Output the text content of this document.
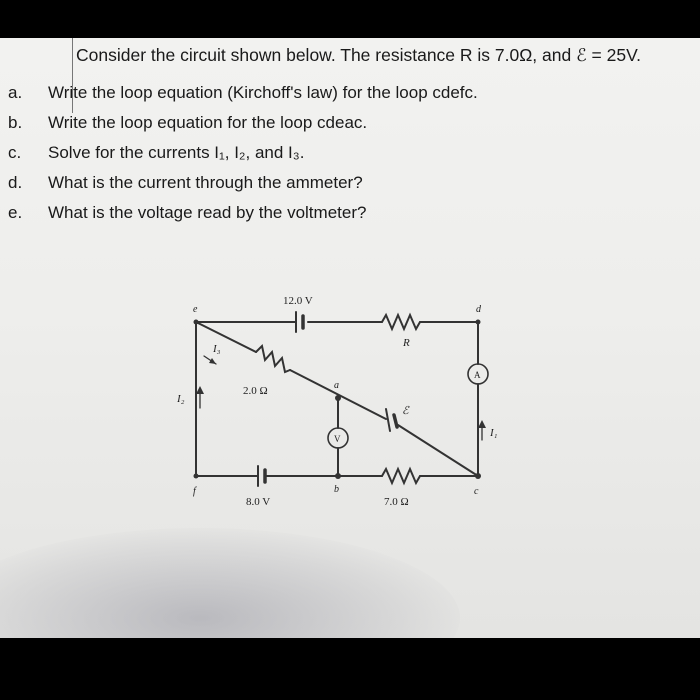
Consider the circuit shown below. The resistance R is 7.0Ω, and ℰ = 25V.
a. Write the loop equation (Kirchoff's law) for the loop cdefc.
b. Write the loop equation for the loop cdeac.
c. Solve for the currents I₁, I₂, and I₃.
d. What is the current through the ammeter?
e. What is the voltage read by the voltmeter?
12.0 V
R
2.0 Ω
ℰ
8.0 V	7.0 Ω
a
b	c
d
e
f
I₁
I₂
I₃
A
V
